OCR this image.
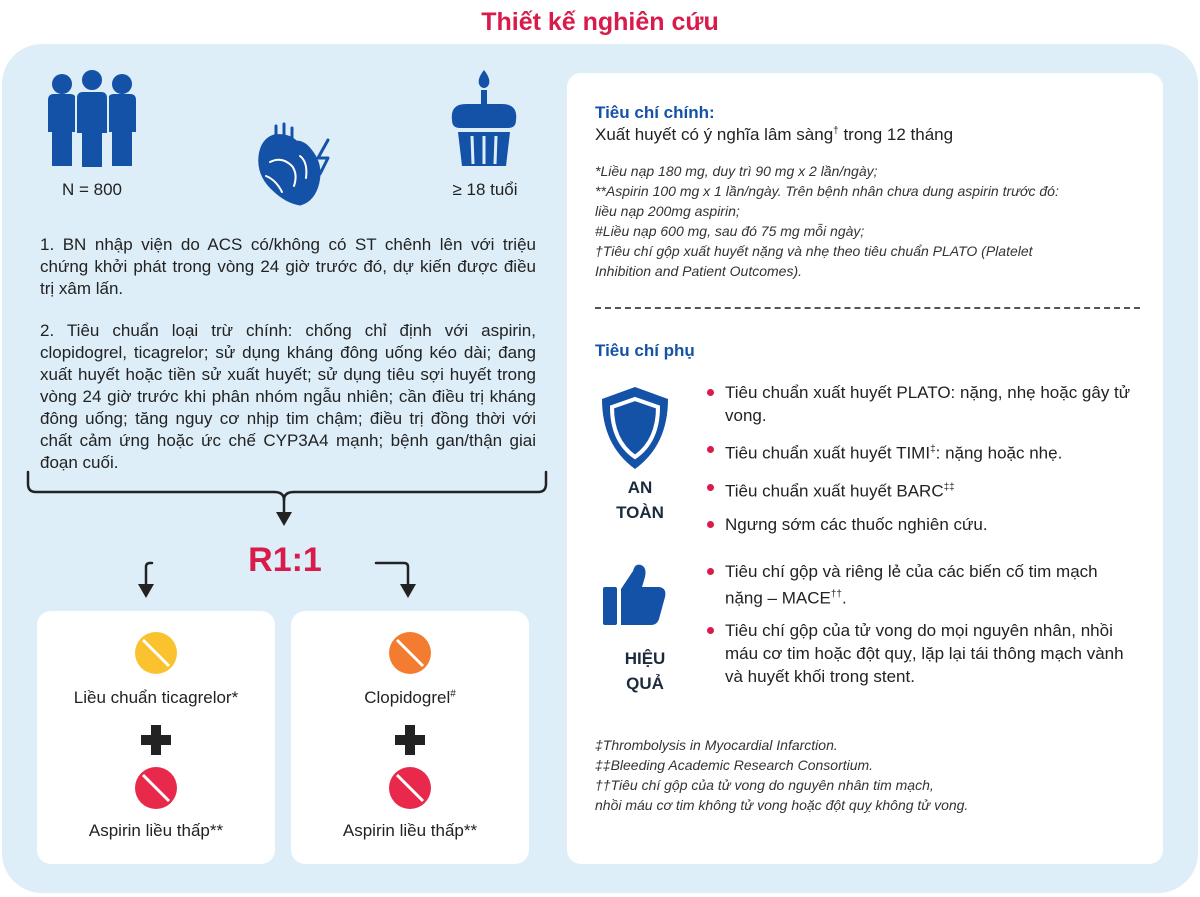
Thiết kế nghiên cứu
N = 800	≥ 18 tuổi
1. BN nhập viện do ACS có/không có ST chênh lên với triệu chứng khởi phát trong vòng 24 giờ trước đó, dự kiến được điều trị xâm lấn.
2. Tiêu chuẩn loại trừ chính: chống chỉ định với aspirin, clopidogrel, ticagrelor; sử dụng kháng đông uống kéo dài; đang xuất huyết hoặc tiền sử xuất huyết; sử dụng tiêu sợi huyết trong vòng 24 giờ trước khi phân nhóm ngẫu nhiên; cần điều trị kháng đông uống; tăng nguy cơ nhịp tim chậm; điều trị đồng thời với chất cảm ứng hoặc ức chế CYP3A4 mạnh; bệnh gan/thận giai đoạn cuối.
R1:1
Liều chuẩn ticagrelor*
Aspirin liều thấp**
Clopidogrel#
Aspirin liều thấp**
Tiêu chí chính:
Xuất huyết có ý nghĩa lâm sàng† trong 12 tháng
*Liều nạp 180 mg, duy trì 90 mg x 2 lần/ngày;
**Aspirin 100 mg x 1 lần/ngày. Trên bệnh nhân chưa dung aspirin trước đó:
liều nạp 200mg aspirin;
#Liều nạp 600 mg, sau đó 75 mg mỗi ngày;
†Tiêu chí gộp xuất huyết nặng và nhẹ theo tiêu chuẩn PLATO (Platelet
Inhibition and Patient Outcomes).
Tiêu chí phụ
AN
TOÀN
Tiêu chuẩn xuất huyết PLATO: nặng, nhẹ hoặc gây tử vong.
Tiêu chuẩn xuất huyết TIMI‡: nặng hoặc nhẹ.
Tiêu chuẩn xuất huyết BARC‡‡
Ngưng sớm các thuốc nghiên cứu.
HIỆU
QUẢ
Tiêu chí gộp và riêng lẻ của các biến cố tim mạch nặng – MACE††.
Tiêu chí gộp của tử vong do mọi nguyên nhân, nhồi máu cơ tim hoặc đột quỵ, lặp lại tái thông mạch vành và huyết khối trong stent.
‡Thrombolysis in Myocardial Infarction.
‡‡Bleeding Academic Research Consortium.
††Tiêu chí gộp của tử vong do nguyên nhân tim mạch,
nhồi máu cơ tim không tử vong hoặc đột quỵ không tử vong.
